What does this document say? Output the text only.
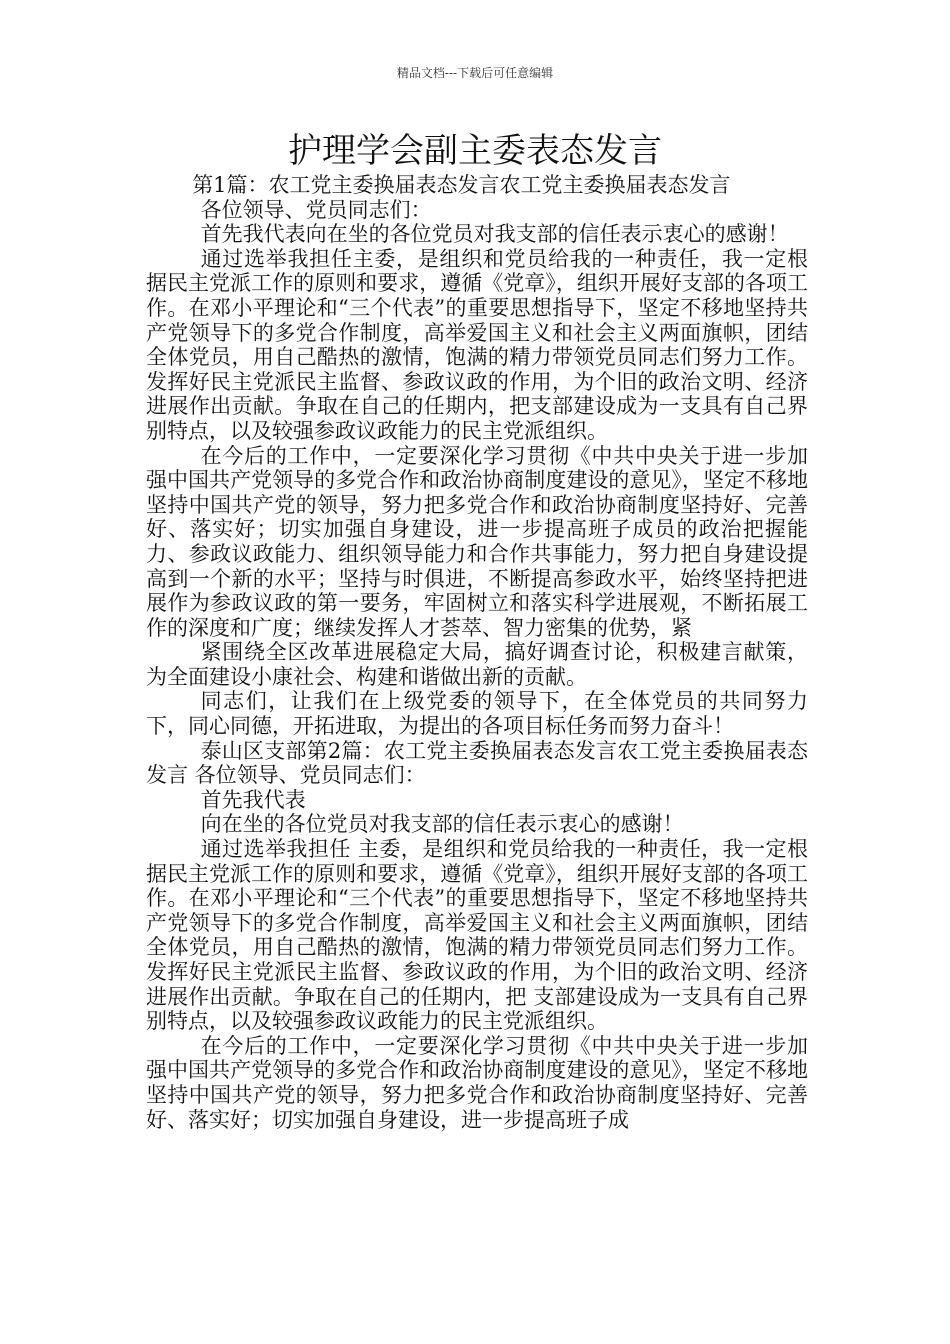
精品文档---下载后可任意编辑
护理学会副主委表态发言

第1篇：农工党主委换届表态发言农工党主委换届表态发言

各位领导、党员同志们：

首先我代表向在坐的各位党员对我支部的信任表示衷心的感谢！

通过选举我担任主委，是组织和党员给我的一种责任，我一定根据民主党派工作的原则和要求，遵循《党章》，组织开展好支部的各项工作。在邓小平理论和“三个代表”的重要思想指导下，坚定不移地坚持共产党领导下的多党合作制度，高举爱国主义和社会主义两面旗帜，团结全体党员，用自己酷热的激情，饱满的精力带领党员同志们努力工作。发挥好民主党派民主监督、参政议政的作用，为个旧的政治文明、经济进展作出贡献。争取在自己的任期内，把支部建设成为一支具有自己界别特点，以及较强参政议政能力的民主党派组织。

在今后的工作中，一定要深化学习贯彻《中共中央关于进一步加强中国共产党领导的多党合作和政治协商制度建设的意见》，坚定不移地坚持中国共产党的领导，努力把多党合作和政治协商制度坚持好、完善好、落实好；切实加强自身建设，进一步提高班子成员的政治把握能力、参政议政能力、组织领导能力和合作共事能力，努力把自身建设提高到一个新的水平；坚持与时俱进，不断提高参政水平，始终坚持把进展作为参政议政的第一要务，牢固树立和落实科学进展观，不断拓展工作的深度和广度；继续发挥人才荟萃、智力密集的优势，紧

紧围绕全区改革进展稳定大局，搞好调查讨论，积极建言献策，为全面建设小康社会、构建和谐做出新的贡献。

同志们，让我们在上级党委的领导下，在全体党员的共同努力下，同心同德，开拓进取，为提出的各项目标任务而努力奋斗！

泰山区支部第2篇：农工党主委换届表态发言农工党主委换届表态发言 各位领导、党员同志们：

首先我代表

向在坐的各位党员对我支部的信任表示衷心的感谢！

通过选举我担任 主委，是组织和党员给我的一种责任，我一定根据民主党派工作的原则和要求，遵循《党章》，组织开展好支部的各项工作。在邓小平理论和“三个代表”的重要思想指导下，坚定不移地坚持共产党领导下的多党合作制度，高举爱国主义和社会主义两面旗帜，团结全体党员，用自己酷热的激情，饱满的精力带领党员同志们努力工作。发挥好民主党派民主监督、参政议政的作用，为个旧的政治文明、经济进展作出贡献。争取在自己的任期内，把 支部建设成为一支具有自己界别特点，以及较强参政议政能力的民主党派组织。

在今后的工作中，一定要深化学习贯彻《中共中央关于进一步加强中国共产党领导的多党合作和政治协商制度建设的意见》，坚定不移地坚持中国共产党的领导，努力把多党合作和政治协商制度坚持好、完善好、落实好；切实加强自身建设，进一步提高班子成
